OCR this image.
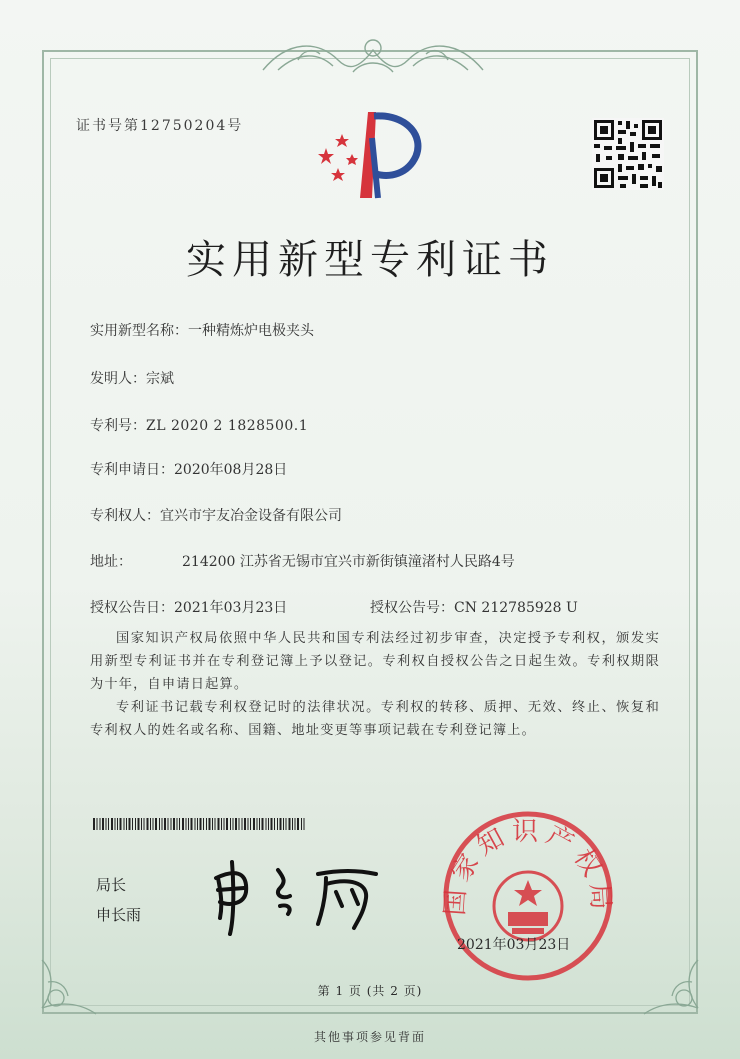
证书号第12750204号
实用新型专利证书
实用新型名称：一种精炼炉电极夹头
发明人：宗斌
专利号：ZL 2020 2 1828500.1
专利申请日：2020年08月28日
专利权人：宜兴市宇友冶金设备有限公司
地址：	214200 江苏省无锡市宜兴市新街镇潼渚村人民路4号
授权公告日：2021年03月23日	授权公告号：CN 212785928 U
国家知识产权局依照中华人民共和国专利法经过初步审查，决定授予专利权，颁发实用新型专利证书并在专利登记簿上予以登记。专利权自授权公告之日起生效。专利权期限为十年，自申请日起算。
专利证书记载专利权登记时的法律状况。专利权的转移、质押、无效、终止、恢复和专利权人的姓名或名称、国籍、地址变更等事项记载在专利登记簿上。
局长
申长雨	国家知识产权局
2021年03月23日
第 1 页 (共 2 页)
其他事项参见背面
